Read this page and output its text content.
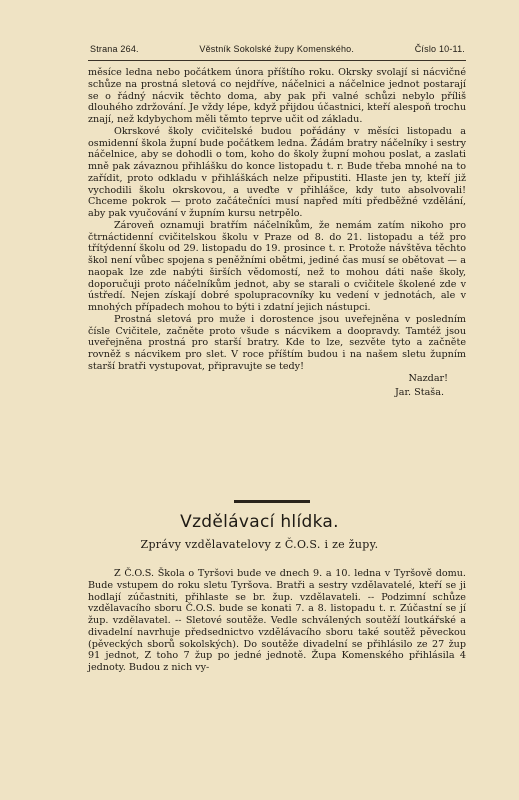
Strana 264.	Věstník Sokolské župy Komenského.	Číslo 10-11.

měsíce ledna nebo počátkem února příštího roku. Okrsky svolají si nácvičné schůze na prostná sletová co nejdříve, náčelnici a náčelnice jednot postarají se o řádný nácvik těchto doma, aby pak při valné schůzi nebylo příliš dlouhého zdržování. Je vždy lépe, když přijdou účastnici, kteří alespoň trochu znají, než kdybychom měli těmto teprve učit od základu.

Okrskové školy cvičitelské budou pořádány v měsíci listopadu a osmidenní škola župní bude počátkem ledna. Žádám bratry náčelníky i sestry náčelnice, aby se dohodli o tom, koho do školy župní mohou poslat, a zaslati mně pak závaznou přihlášku do konce listopadu t. r. Bude třeba mnohé na to zařídit, proto odkladu v přihláškách nelze připustiti. Hlaste jen ty, kteří již vychodili školu okrskovou, a uveďte v přihlášce, kdy tuto absolvovali! Chceme pokrok — proto začátečníci musí napřed míti předběžné vzdělání, aby pak vyučování v župním kursu netrpělo.

Zároveň oznamuji bratřím náčelníkům, že nemám zatím nikoho pro čtrnáctidenní cvičitelskou školu v Praze od 8. do 21. listopadu a též pro třítýdenní školu od 29. listopadu do 19. prosince t. r. Protože návštěva těchto škol není vůbec spojena s peněžními obětmi, jediné čas musí se obětovat — a naopak lze zde nabýti širších vědomostí, než to mohou dáti naše školy, doporučuji proto náčelníkům jednot, aby se starali o cvičitele školené zde v ústředí. Nejen získají dobré spolupracovníky ku vedení v jednotách, ale v mnohých případech mohou to býti i zdatní jejich nástupci.

Prostná sletová pro muže i dorostence jsou uveřejněna v posledním čísle Cvičitele, začněte proto všude s nácvikem a doopravdy. Tamtéž jsou uveřejněna prostná pro starší bratry. Kde to lze, sezvěte tyto a začněte rovněž s nácvikem pro slet. V roce příštím budou i na našem sletu župním starší bratři vystupovat, připravujte se tedy!

Nazdar!

Jar. Staša.

Vzdělávací hlídka.
Zprávy vzdělavatelovy z Č.O.S. i ze župy.

Z Č.O.S. Škola o Tyršovi bude ve dnech 9. a 10. ledna v Tyršově domu. Bude vstupem do roku sletu Tyršova. Bratři a sestry vzdělavatelé, kteří se ji hodlají zúčastniti, přihlaste se br. žup. vzdělavateli. -- Podzimní schůze vzdělavacího sboru Č.O.S. bude se konati 7. a 8. listopadu t. r. Zúčastní se jí žup. vzdělavatel. -- Sletové soutěže. Vedle schválených soutěží loutkářské a divadelní navrhuje předsednictvo vzdělávacího sboru také soutěž pěveckou (pěveckých sborů sokolských). Do soutěže divadelní se přihlásilo ze 27 žup 91 jednot, Z toho 7 žup po jedné jednotě. Župa Komenského přihlásila 4 jednoty. Budou z nich vy-
